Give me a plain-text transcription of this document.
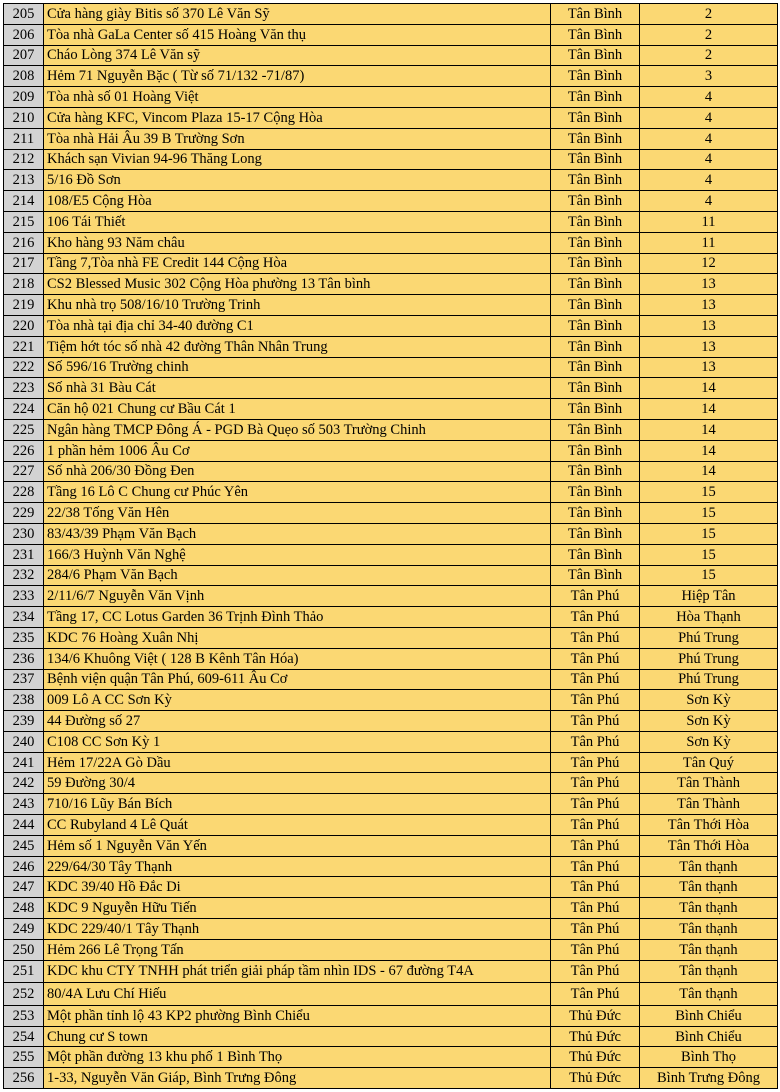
205	Cửa hàng giày Bitis số 370 Lê Văn Sỹ	Tân Bình	2
206	Tòa nhà GaLa Center số 415 Hoàng Văn thụ	Tân Bình	2
207	Cháo Lòng 374 Lê Văn sỹ	Tân Bình	2
208	Hẻm 71 Nguyễn Bặc ( Từ số 71/132 -71/87)	Tân Bình	3
209	Tòa nhà số 01 Hoàng Việt	Tân Bình	4
210	Cửa hàng KFC, Vincom Plaza 15-17 Cộng Hòa	Tân Bình	4
211	Tòa nhà Hải Âu 39 B Trường Sơn	Tân Bình	4
212	Khách sạn Vivian 94-96 Thăng Long	Tân Bình	4
213	5/16 Đồ Sơn	Tân Bình	4
214	108/E5 Cộng Hòa	Tân Bình	4
215	106 Tái Thiết	Tân Bình	11
216	Kho hàng 93 Năm châu	Tân Bình	11
217	Tầng 7,Tòa nhà FE Credit 144 Cộng Hòa	Tân Bình	12
218	CS2 Blessed Music 302 Cộng Hòa phường 13 Tân bình	Tân Bình	13
219	Khu nhà trọ 508/16/10 Trường Trinh	Tân Bình	13
220	Tòa nhà tại địa chỉ 34-40 đường C1	Tân Bình	13
221	Tiệm hớt tóc số nhà 42 đường Thân Nhân Trung	Tân Bình	13
222	Số 596/16 Trường chinh	Tân Bình	13
223	Số nhà 31 Bàu Cát	Tân Bình	14
224	Căn hộ 021 Chung cư Bầu Cát 1	Tân Bình	14
225	Ngân hàng TMCP Đông Á - PGD Bà Quẹo số 503 Trường Chinh	Tân Bình	14
226	1 phần hẻm 1006 Âu Cơ	Tân Bình	14
227	Số nhà 206/30 Đồng Đen	Tân Bình	14
228	Tầng 16 Lô C Chung cư Phúc Yên	Tân Bình	15
229	22/38 Tống Văn Hên	Tân Bình	15
230	83/43/39 Phạm Văn Bạch	Tân Bình	15
231	166/3 Huỳnh Văn Nghệ	Tân Bình	15
232	284/6 Phạm Văn Bạch	Tân Bình	15
233	2/11/6/7 Nguyễn Văn Vịnh	Tân Phú	Hiệp Tân
234	Tầng 17, CC Lotus Garden 36 Trịnh Đình Thảo	Tân Phú	Hòa Thạnh
235	KDC 76 Hoàng Xuân Nhị	Tân Phú	Phú Trung
236	134/6 Khuông Việt ( 128 B Kênh Tân Hóa)	Tân Phú	Phú Trung
237	Bệnh viện quận Tân Phú, 609-611 Âu Cơ	Tân Phú	Phú Trung
238	009 Lô A CC Sơn Kỳ	Tân Phú	Sơn Kỳ
239	44 Đường số 27	Tân Phú	Sơn Kỳ
240	C108 CC Sơn Kỳ 1	Tân Phú	Sơn Kỳ
241	Hẻm 17/22A Gò Dầu	Tân Phú	Tân Quý
242	59 Đường 30/4	Tân Phú	Tân Thành
243	710/16 Lũy Bán Bích	Tân Phú	Tân Thành
244	CC Rubyland 4 Lê Quát	Tân Phú	Tân Thới Hòa
245	Hẻm số 1 Nguyễn Văn Yến	Tân Phú	Tân Thới Hòa
246	229/64/30 Tây Thạnh	Tân Phú	Tân thạnh
247	KDC 39/40 Hồ Đắc Di	Tân Phú	Tân thạnh
248	KDC 9 Nguyễn Hữu Tiến	Tân Phú	Tân thạnh
249	KDC 229/40/1 Tây Thạnh	Tân Phú	Tân thạnh
250	Hẻm 266 Lê Trọng Tấn	Tân Phú	Tân thạnh
251	KDC khu CTY TNHH phát triển giải pháp tầm nhìn IDS - 67 đường T4A	Tân Phú	Tân thạnh
252	80/4A Lưu Chí Hiếu	Tân Phú	Tân thạnh
253	Một phần tỉnh lộ 43 KP2 phường Bình Chiểu	Thủ Đức	Bình Chiểu
254	Chung cư S town	Thủ Đức	Bình Chiểu
255	Một phần đường 13 khu phố 1 Bình Thọ	Thủ Đức	Bình Thọ
256	1-33, Nguyễn Văn Giáp, Bình Trưng Đông	Thủ Đức	Bình Trưng Đông
